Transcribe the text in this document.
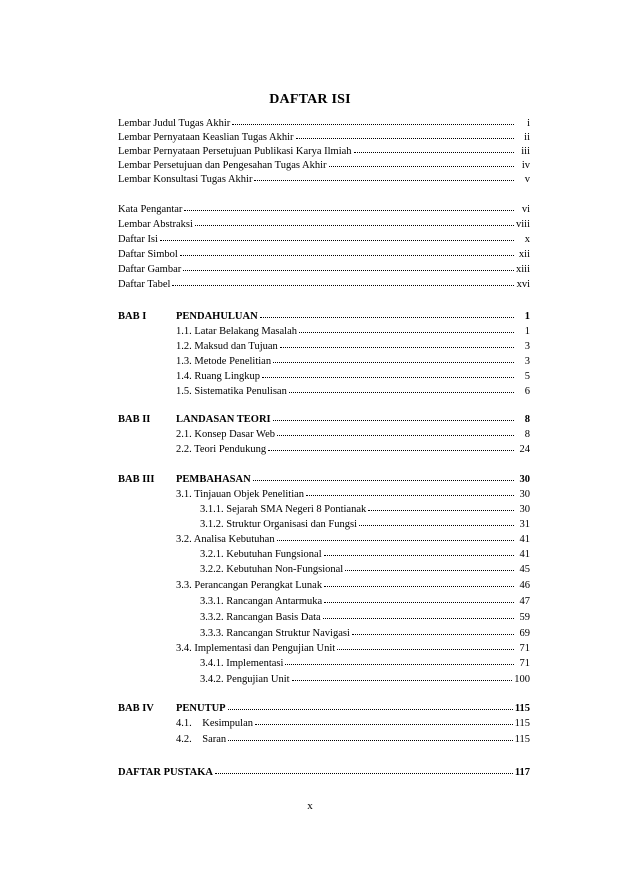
DAFTAR ISI
Lembar Judul Tugas Akhir	i
Lembar Pernyataan Keaslian Tugas Akhir	ii
Lembar Pernyataan Persetujuan Publikasi Karya Ilmiah	iii
Lembar Persetujuan dan Pengesahan Tugas Akhir	iv
Lembar Konsultasi Tugas Akhir	v
Kata Pengantar	vi
Lembar Abstraksi	viii
Daftar Isi	x
Daftar Simbol	xii
Daftar Gambar	xiii
Daftar Tabel	xvi
BAB I	PENDAHULUAN	1
1.1. Latar Belakang Masalah	1
1.2. Maksud dan Tujuan	3
1.3. Metode Penelitian	3
1.4. Ruang Lingkup	5
1.5. Sistematika Penulisan	6
BAB II LANDASAN TEORI	8
2.1. Konsep Dasar Web	8
2.2. Teori Pendukung	24
BAB III PEMBAHASAN	30
3.1. Tinjauan Objek Penelitian	30
3.1.1. Sejarah SMA Negeri 8 Pontianak	30
3.1.2. Struktur Organisasi dan Fungsi	31
3.2. Analisa Kebutuhan	41
3.2.1. Kebutuhan Fungsional	41
3.2.2. Kebutuhan Non-Fungsional	45
3.3. Perancangan Perangkat Lunak	46
3.3.1. Rancangan Antarmuka	47
3.3.2. Rancangan Basis Data	59
3.3.3. Rancangan Struktur Navigasi	69
3.4. Implementasi dan Pengujian Unit	71
3.4.1. Implementasi	71
3.4.2. Pengujian Unit	100
BAB IV PENUTUP	115
4.1.    Kesimpulan	115
4.2.    Saran	115
DAFTAR PUSTAKA	117
x
